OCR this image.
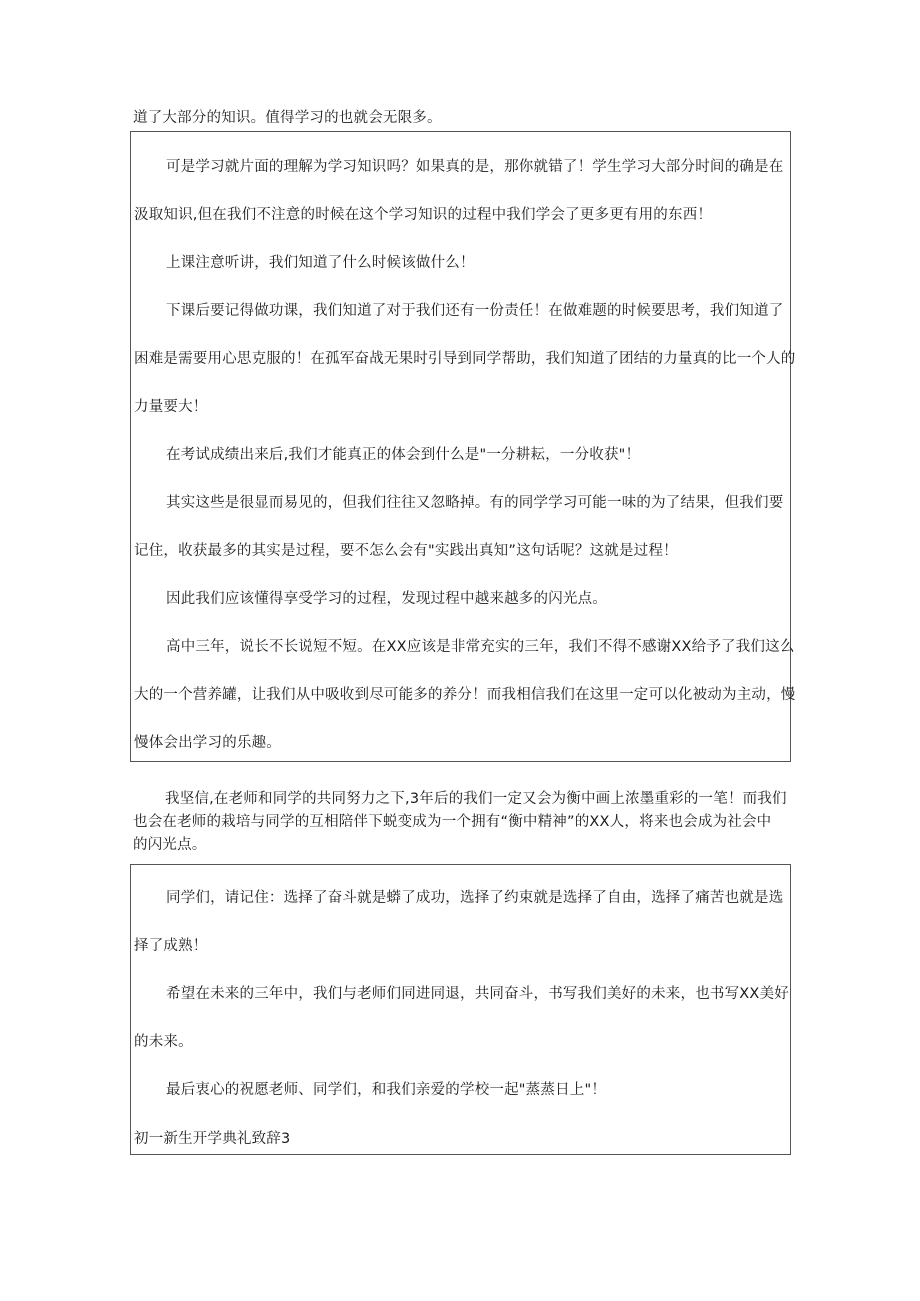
道了大部分的知识。值得学习的也就会无限多。
可是学习就片面的理解为学习知识吗？如果真的是，那你就错了！学生学习大部分时间的确是在
汲取知识,但在我们不注意的时候在这个学习知识的过程中我们学会了更多更有用的东西！
上课注意听讲，我们知道了什么时候该做什么！
下课后要记得做功课，我们知道了对于我们还有一份责任！在做难题的时候要思考，我们知道了
困难是需要用心思克服的！在孤军奋战无果时引导到同学帮助，我们知道了团结的力量真的比一个人的
力量要大！
在考试成绩出来后,我们才能真正的体会到什么是"一分耕耘，一分收获"！
其实这些是很显而易见的，但我们往往又忽略掉。有的同学学习可能一味的为了结果，但我们要
记住，收获最多的其实是过程，要不怎么会有"实践出真知”这句话呢？这就是过程！
因此我们应该懂得享受学习的过程，发现过程中越来越多的闪光点。
高中三年，说长不长说短不短。在XX应该是非常充实的三年，我们不得不感谢XX给予了我们这么
大的一个营养罐，让我们从中吸收到尽可能多的养分！而我相信我们在这里一定可以化被动为主动，慢
慢体会出学习的乐趣。
我坚信,在老师和同学的共同努力之下,3年后的我们一定又会为衡中画上浓墨重彩的一笔！而我们
也会在老师的栽培与同学的互相陪伴下蜕变成为一个拥有“衡中精神”的XX人，将来也会成为社会中
的闪光点。
同学们，请记住：选择了奋斗就是蟒了成功，选择了约束就是选择了自由，选择了痛苦也就是选
择了成熟！
希望在未来的三年中，我们与老师们同进同退，共同奋斗，书写我们美好的未来，也书写XX美好
的未来。
最后衷心的祝愿老师、同学们，和我们亲爱的学校一起"蒸蒸日上"！
初一新生开学典礼致辞3
